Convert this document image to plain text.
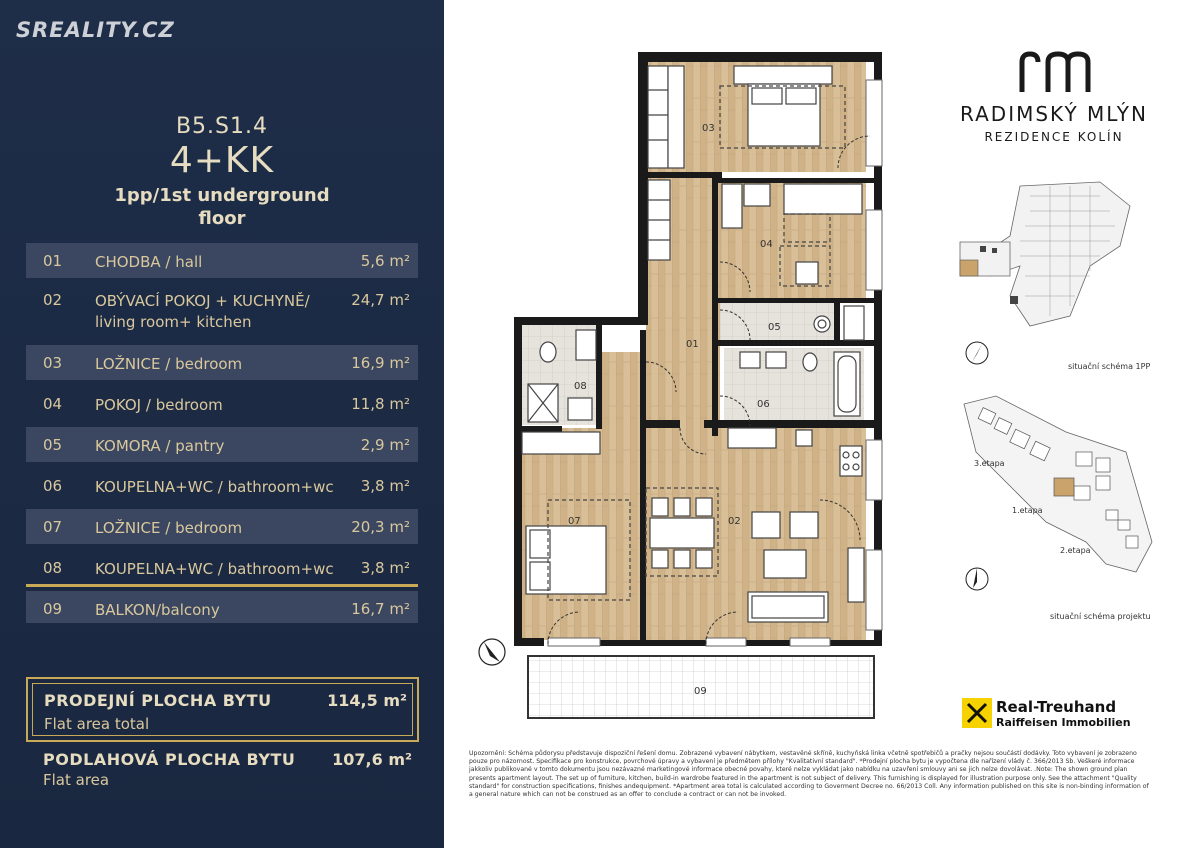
SREALITY.CZ
B5.S1.4
4+KK
1pp/1st underground floor
01 CHODBA / hall	5,6 m²
02 OBÝVACÍ POKOJ + KUCHYNĚ/ living room+ kitchen
24,7 m²
03 LOŽNICE / bedroom	16,9 m²
04 POKOJ / bedroom	11,8 m²
05 KOMORA / pantry	2,9 m²
06 KOUPELNA+WC / bathroom+wc 3,8 m²
07 LOŽNICE / bedroom	20,3 m²
08 KOUPELNA+WC / bathroom+wc 3,8 m²
09 BALKON/balcony	16,7 m²
PRODEJNÍ PLOCHA BYTU
Flat area total
114,5 m²
PODLAHOVÁ PLOCHA BYTU
Flat area
107,6 m²
03
04
05
01
06
08
02
07
09
RADIMSKÝ MLÝN
REZIDENCE KOLÍN
situační schéma 1PP
3.etapa
1.etapa
2.etapa
situační schéma projektu
Real-Treuhand
Raiffeisen Immobilien
Upozornění: Schéma půdorysu představuje dispoziční řešení domu. Zobrazené vybavení nábytkem, vestavěné skříně, kuchyňská linka včetně spotřebičů a pračky nejsou součástí dodávky. Toto vybavení je zobrazeno pouze pro názornost. Specifikace pro konstrukce, povrchové úpravy a vybavení je předmětem přílohy "Kvalitativní standard". *Prodejní plocha bytu je vypočtena dle nařízení vlády č. 366/2013 Sb. Veškeré informace jakkoliv publikované v tomto dokumentu jsou nezávazné marketingové informace obecné povahy, které nelze vykládat jako nabídku na uzavření smlouvy ani se jich nelze dovolávat. .Note: The shown ground plan presents apartment layout. The set up of furniture, kitchen, build-in wardrobe featured in the apartment is not subject of delivery. This furnishing is displayed for illustration purpose only. See the attachment "Quality standard" for construction specifications, finishes andequipment. *Apartment area total is calculated according to Goverment Decree no. 66/2013 Coll. Any information published on this site is non-binding information of a general nature which can not be construed as an offer to conclude a contract or can not be invoked.
